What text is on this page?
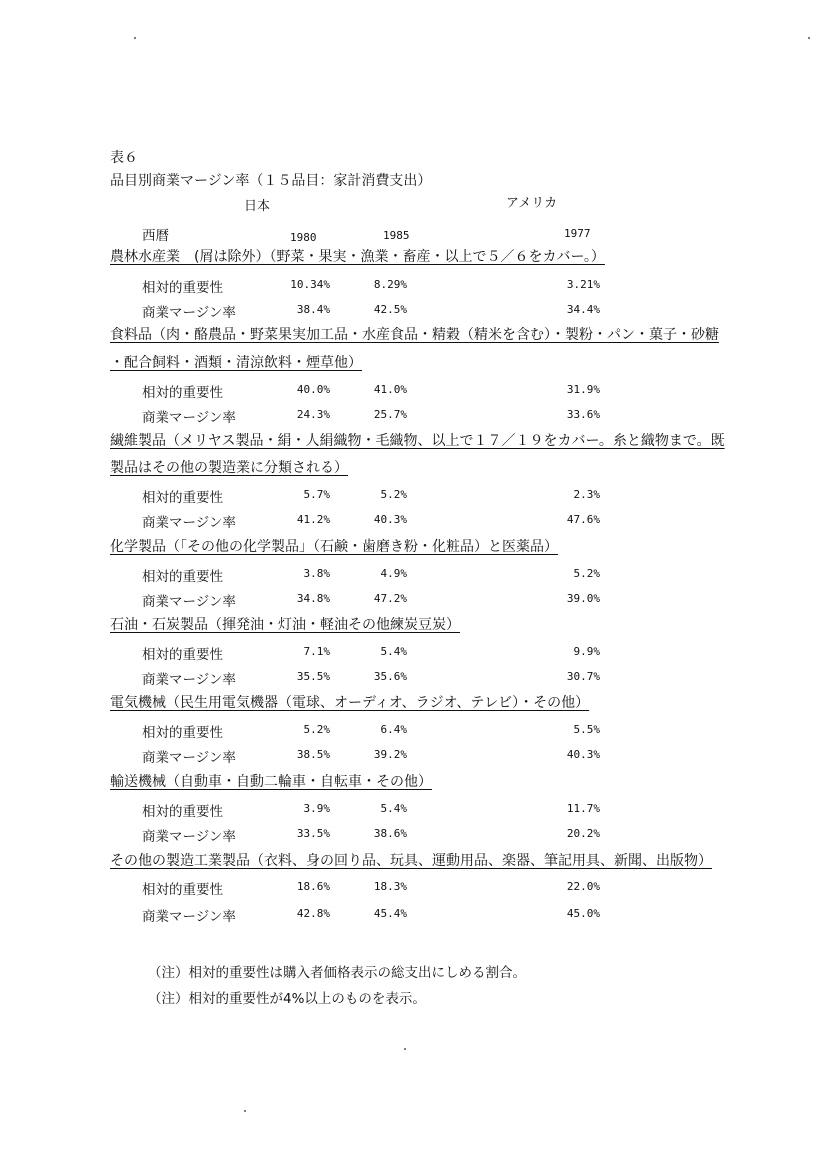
表６
品目別商業マージン率（１５品目：家計消費支出）
日本	アメリカ
西暦	1980	1985	1977
農林水産業　(屑は除外）（野菜・果実・漁業・畜産・以上で５／６をカバー。）
相対的重要性	10.34%	8.29%	3.21%
商業マージン率	38.4%	42.5%	34.4%
食料品（肉・酪農品・野菜果実加工品・水産食品・精穀（精米を含む）・製粉・パン・菓子・砂糖
・配合飼料・酒類・清涼飲料・煙草他）
相対的重要性	40.0%	41.0%	31.9%
商業マージン率	24.3%	25.7%	33.6%
繊維製品（メリヤス製品・絹・人絹織物・毛織物、以上で１７／１９をカバー。糸と織物まで。既
製品はその他の製造業に分類される）
相対的重要性	5.7%	5.2%	2.3%
商業マージン率	41.2%	40.3%	47.6%
化学製品（「その他の化学製品」（石鹸・歯磨き粉・化粧品）と医薬品）
相対的重要性	3.8%	4.9%	5.2%
商業マージン率	34.8%	47.2%	39.0%
石油・石炭製品（揮発油・灯油・軽油その他練炭豆炭）
相対的重要性	7.1%	5.4%	9.9%
商業マージン率	35.5%	35.6%	30.7%
電気機械（民生用電気機器（電球、オーディオ、ラジオ、テレビ）・その他）
相対的重要性	5.2%	6.4%	5.5%
商業マージン率	38.5%	39.2%	40.3%
輸送機械（自動車・自動二輪車・自転車・その他）
相対的重要性	3.9%	5.4%	11.7%
商業マージン率	33.5%	38.6%	20.2%
その他の製造工業製品（衣料、身の回り品、玩具、運動用品、楽器、筆記用具、新聞、出版物）
相対的重要性	18.6%	18.3%	22.0%
商業マージン率	42.8%	45.4%	45.0%
（注）相対的重要性は購入者価格表示の総支出にしめる割合。
（注）相対的重要性が4%以上のものを表示。
